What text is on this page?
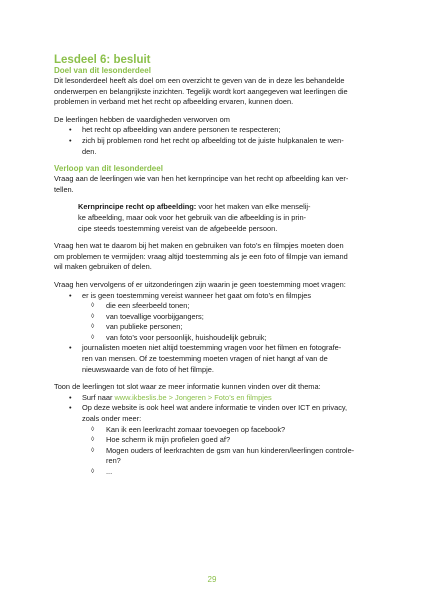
Lesdeel 6: besluit
Doel van dit lesonderdeel

Dit lesonderdeel heeft als doel om een overzicht te geven van de in deze les behandelde

onderwerpen en belangrijkste inzichten. Tegelijk wordt kort aangegeven wat leerlingen die

problemen in verband met het recht op afbeelding ervaren, kunnen doen.

De leerlingen hebben de vaardigheden verworven om

• het recht op afbeelding van andere personen te respecteren;
• zich bij problemen rond het recht op afbeelding tot de juiste hulpkanalen te wen-
den.
Verloop van dit lesonderdeel

Vraag aan de leerlingen wie van hen het kernprincipe van het recht op afbeelding kan ver-

tellen.

Kernprincipe recht op afbeelding: voor het maken van elke menselij-

ke afbeelding, maar ook voor het gebruik van die afbeelding is in prin-

cipe steeds toestemming vereist van de afgebeelde persoon.

Vraag hen wat te daarom bij het maken en gebruiken van foto’s en filmpjes moeten doen

om problemen te vermijden: vraag altijd toestemming als je een foto of filmpje van iemand

wil maken gebruiken of delen.

Vraag hen vervolgens of er uitzonderingen zijn waarin je geen toestemming moet vragen:

• er is geen toestemming vereist wanneer het gaat om foto’s en filmpjes
◊ die een sfeerbeeld tonen;
◊ van toevallige voorbijgangers;
◊ van publieke personen;
◊ van foto’s voor persoonlijk, huishoudelijk gebruik;
• journalisten moeten niet altijd toestemming vragen voor het filmen en fotografe-
ren van mensen. Of ze toestemming moeten vragen of niet hangt af van de
nieuwswaarde van de foto of het filmpje.

Toon de leerlingen tot slot waar ze meer informatie kunnen vinden over dit thema:

• Surf naar www.ikbeslis.be > Jongeren > Foto’s en filmpjes
• Op deze website is ook heel wat andere informatie te vinden over ICT en privacy,
zoals onder meer:
◊ Kan ik een leerkracht zomaar toevoegen op facebook?
◊ Hoe scherm ik mijn profielen goed af?
◊ Mogen ouders of leerkrachten de gsm van hun kinderen/leerlingen controle-
ren?
◊ ...
29
